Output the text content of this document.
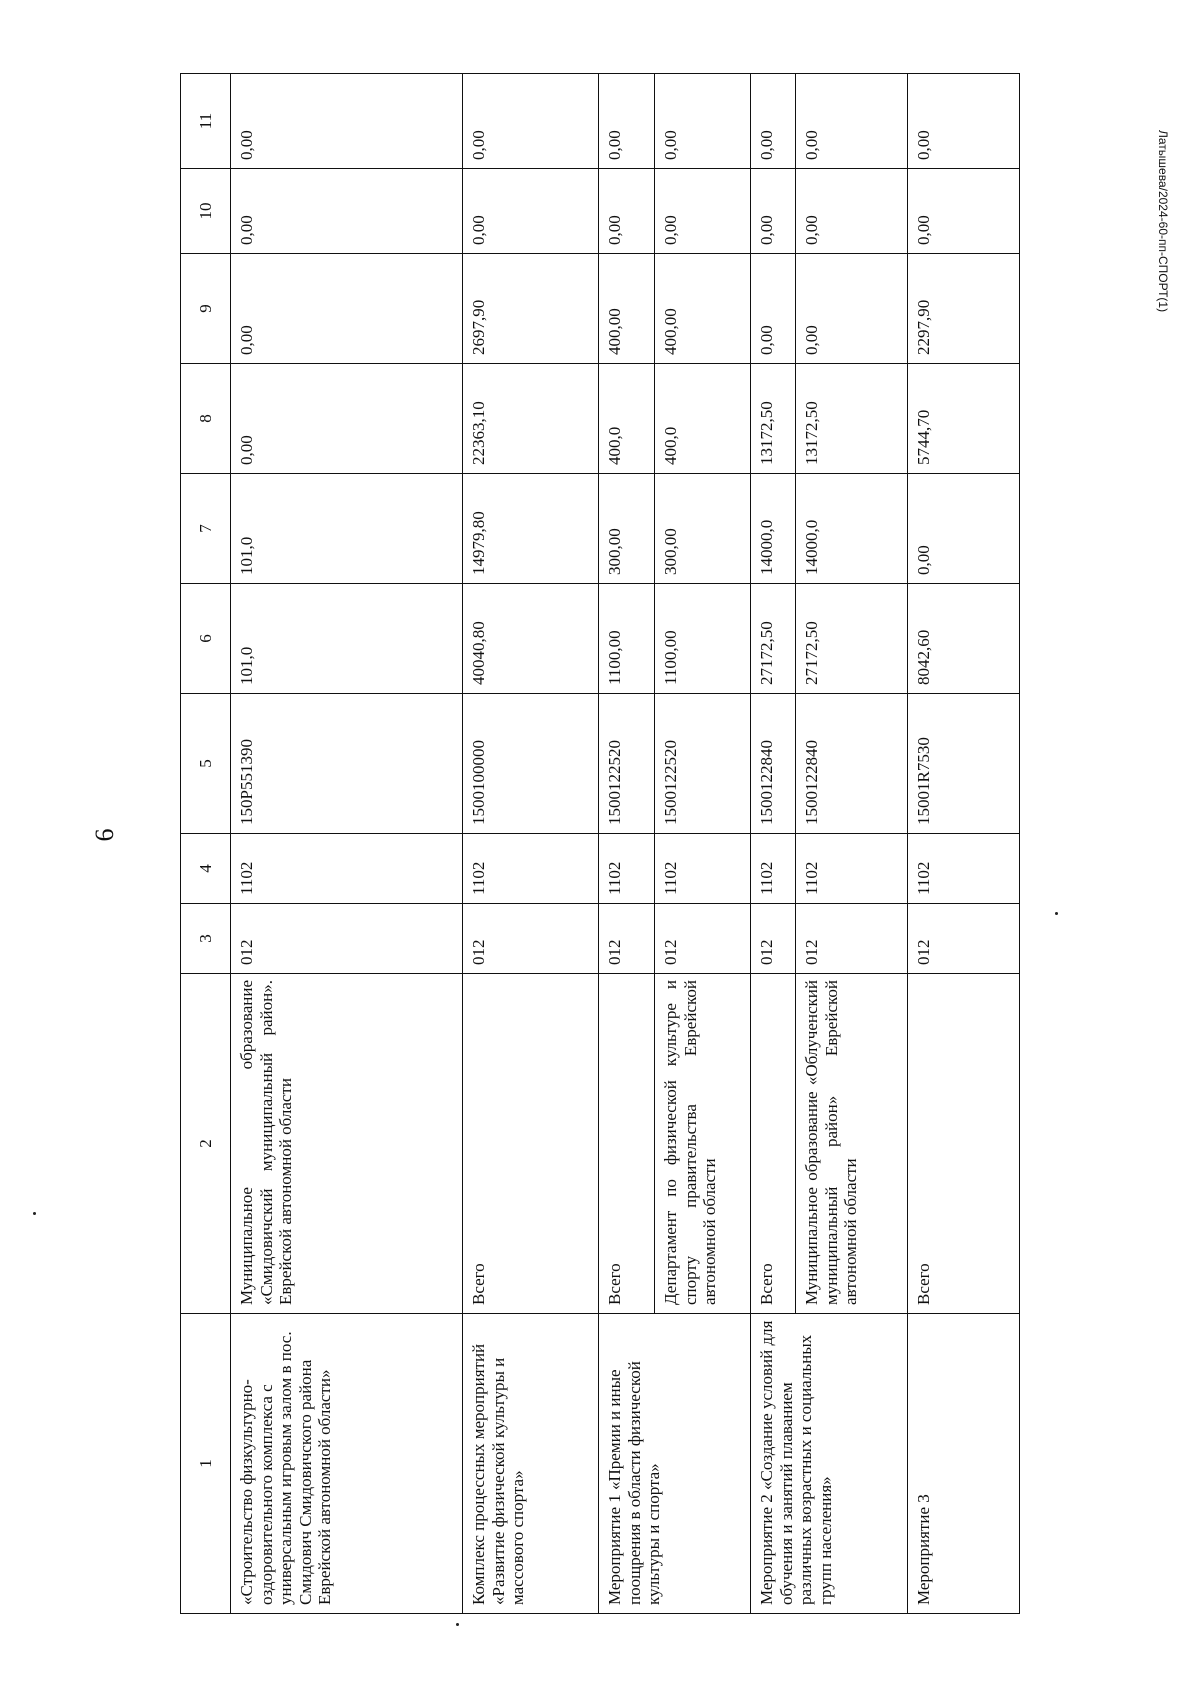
6
Латышева/2024-60-пп-СПОРТ(1)
1	2	3	4	5	6	7	8	9	10	11
«Строительство физкультурно-оздоровительного комплекса с универсальным игровым залом в пос. Смидович Смидовичского района Еврейской автономной области»	Муниципальное образование «Смидовичский муниципальный район». Еврейской автономной области	012	1102	150P551390	101,0	101,0	0,00	0,00	0,00	0,00
Комплекс процессных мероприятий «Развитие физической культуры и массового спорта»	Всего	012	1102	1500100000	40040,80	14979,80	22363,10	2697,90	0,00	0,00
Мероприятие 1 «Премии и иные поощрения в области физической культуры и спорта»	Всего	012	1102	1500122520	1100,00	300,00	400,0	400,00	0,00	0,00
	Департамент по физической культуре и спорту правительства Еврейской автономной области	012	1102	1500122520	1100,00	300,00	400,0	400,00	0,00	0,00
Мероприятие 2 «Создание условий для обучения и занятий плаванием различных возрастных и социальных групп населения»	Всего	012	1102	1500122840	27172,50	14000,0	13172,50	0,00	0,00	0,00
	Муниципальное образование «Облученский муниципальный район» Еврейской автономной области	012	1102	1500122840	27172,50	14000,0	13172,50	0,00	0,00	0,00
Мероприятие 3	Всего	012	1102	15001R7530	8042,60	0,00	5744,70	2297,90	0,00	0,00
